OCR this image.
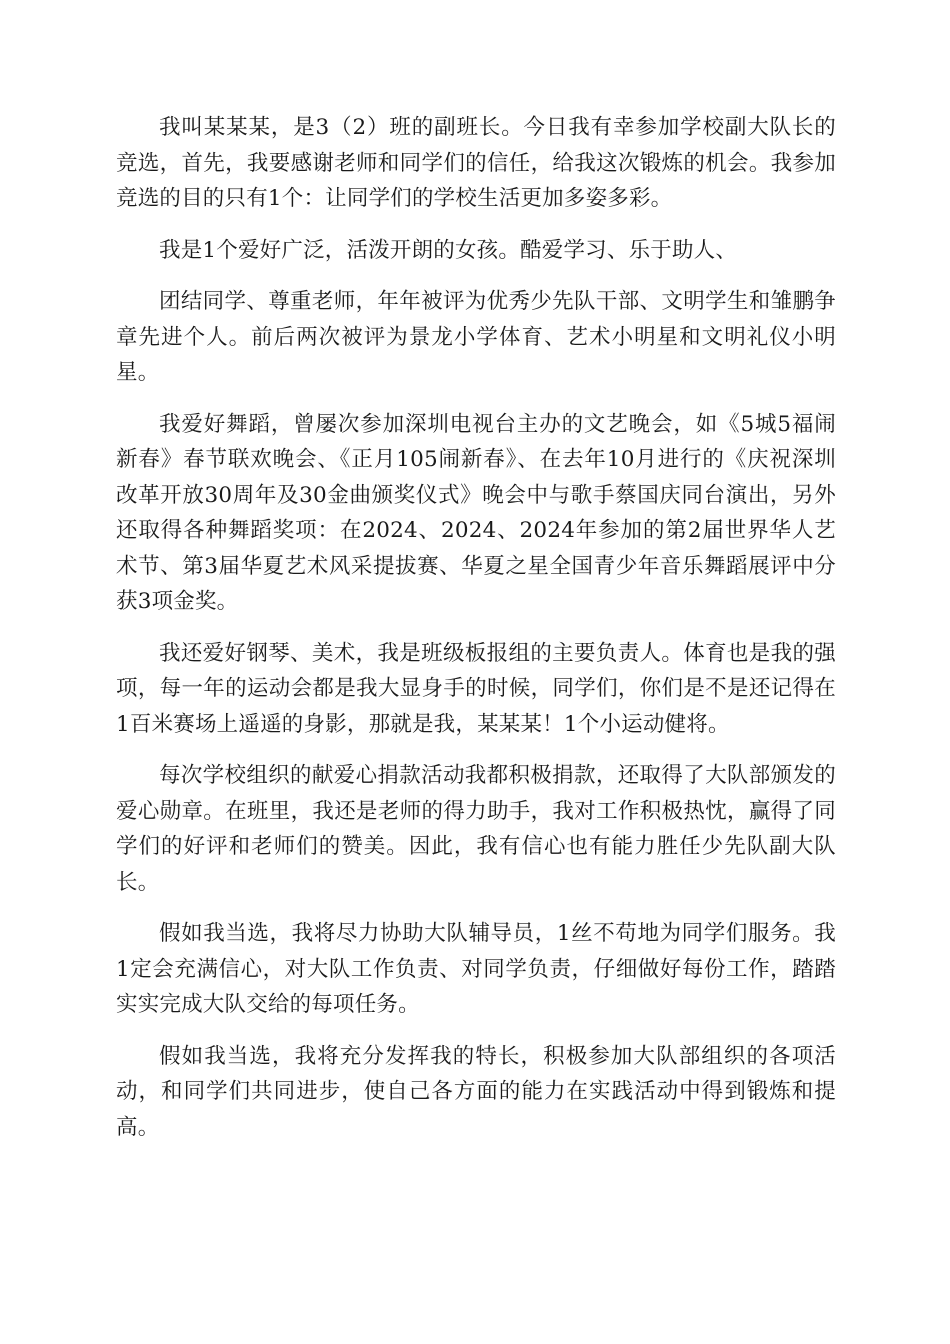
我叫某某某，是3（2）班的副班长。今日我有幸参加学校副大队长的竞选，首先，我要感谢老师和同学们的信任，给我这次锻炼的机会。我参加竞选的目的只有1个：让同学们的学校生活更加多姿多彩。

我是1个爱好广泛，活泼开朗的女孩。酷爱学习、乐于助人、

团结同学、尊重老师，年年被评为优秀少先队干部、文明学生和雏鹏争章先进个人。前后两次被评为景龙小学体育、艺术小明星和文明礼仪小明星。

我爱好舞蹈，曾屡次参加深圳电视台主办的文艺晚会，如《5城5福闹新春》春节联欢晚会、《正月105闹新春》、在去年10月进行的《庆祝深圳改革开放30周年及30金曲颁奖仪式》晚会中与歌手蔡国庆同台演出，另外还取得各种舞蹈奖项：在2024、2024、2024年参加的第2届世界华人艺术节、第3届华夏艺术风采提拔赛、华夏之星全国青少年音乐舞蹈展评中分获3项金奖。

我还爱好钢琴、美术，我是班级板报组的主要负责人。体育也是我的强项，每一年的运动会都是我大显身手的时候，同学们，你们是不是还记得在1百米赛场上遥遥的身影，那就是我，某某某！1个小运动健将。

每次学校组织的献爱心捐款活动我都积极捐款，还取得了大队部颁发的爱心勋章。在班里，我还是老师的得力助手，我对工作积极热忱，赢得了同学们的好评和老师们的赞美。因此，我有信心也有能力胜任少先队副大队长。

假如我当选，我将尽力协助大队辅导员，1丝不苟地为同学们服务。我1定会充满信心，对大队工作负责、对同学负责，仔细做好每份工作，踏踏实实完成大队交给的每项任务。

假如我当选，我将充分发挥我的特长，积极参加大队部组织的各项活动，和同学们共同进步，使自己各方面的能力在实践活动中得到锻炼和提高。
